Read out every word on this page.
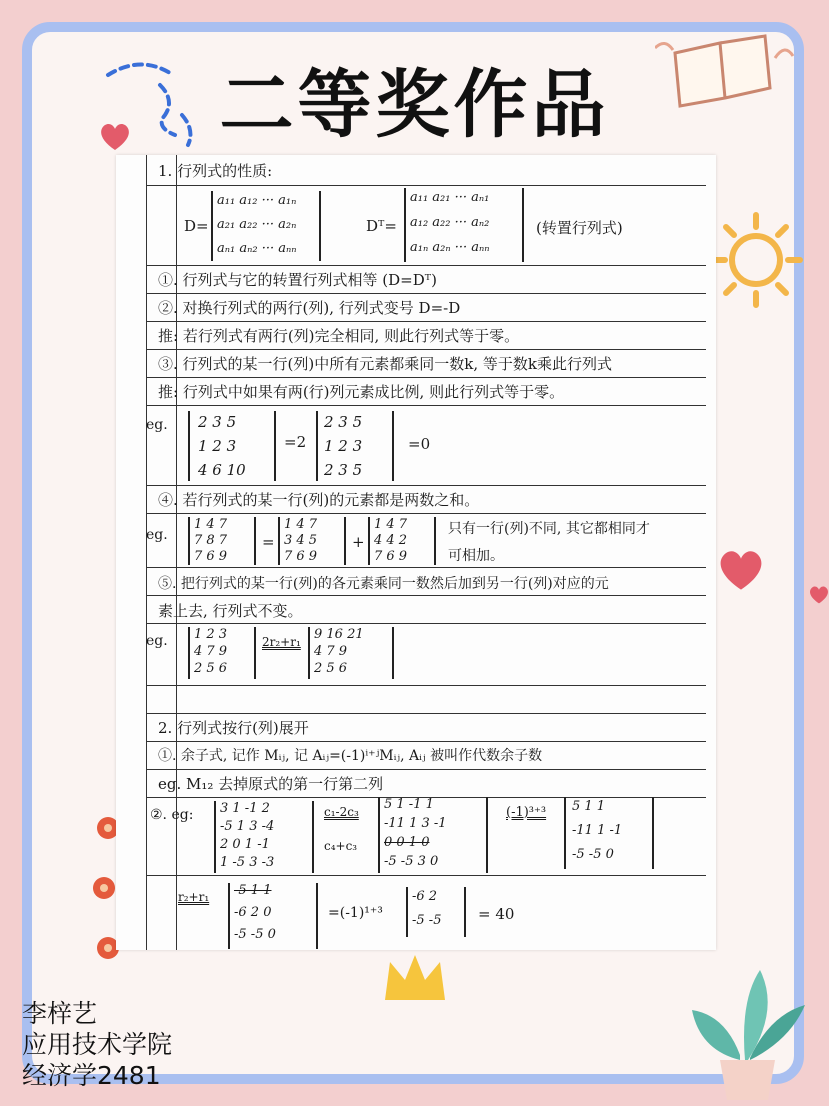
二等奖作品
1. 行列式的性质:
D=
a₁₁ a₁₂ ··· a₁ₙ
a₂₁ a₂₂ ··· a₂ₙ
aₙ₁ aₙ₂ ··· aₙₙ
Dᵀ=
a₁₁ a₂₁ ··· aₙ₁
a₁₂ a₂₂ ··· aₙ₂
a₁ₙ a₂ₙ ··· aₙₙ
(转置行列式)
①. 行列式与它的转置行列式相等 (D=Dᵀ)
②. 对换行列式的两行(列), 行列式变号 D=-D
推: 若行列式有两行(列)完全相同, 则此行列式等于零。
③. 行列式的某一行(列)中所有元素都乘同一数k, 等于数k乘此行列式
推: 行列式中如果有两(行)列元素成比例, 则此行列式等于零。
eg. 2 3 5
1 2 3
4 6 10
=2
2 3 5
1 2 3
2 3 5
=0
④. 若行列式的某一行(列)的元素都是两数之和。
eg.
1 4 7
7 8 7
7 6 9
=
1 4 7
3 4 5
7 6 9
+
1 4 7
4 4 2
7 6 9
只有一行(列)不同, 其它都相同才
可相加。
⑤. 把行列式的某一行(列)的各元素乘同一数然后加到另一行(列)对应的元
素上去, 行列式不变。
eg. 1 2 3
4 7 9
2 5 6
2r₂+r₁ 9 16 21
4 7 9
2 5 6
2. 行列式按行(列)展开
①. 余子式, 记作 Mᵢⱼ, 记 Aᵢⱼ=(-1)ⁱ⁺ʲMᵢⱼ, Aᵢⱼ 被叫作代数余子数
eg. M₁₂ 去掉原式的第一行第二列
②. eg: 3 1 -1 2
-5 1 3 -4
2 0 1 -1
1 -5 3 -3
c₁-2c₃
c₄+c₃
5 1 -1 1
-11 1 3 -1
0 0 1 0
-5 -5 3 0
(-1)³⁺³ 5 1 1
-11 1 -1
-5 -5 0
r₂+r₁ -5 1 1
-6 2 0
-5 -5 0
=(-1)¹⁺³
-6 2
-5 -5 = 40
李梓艺
应用技术学院
经济学2481
